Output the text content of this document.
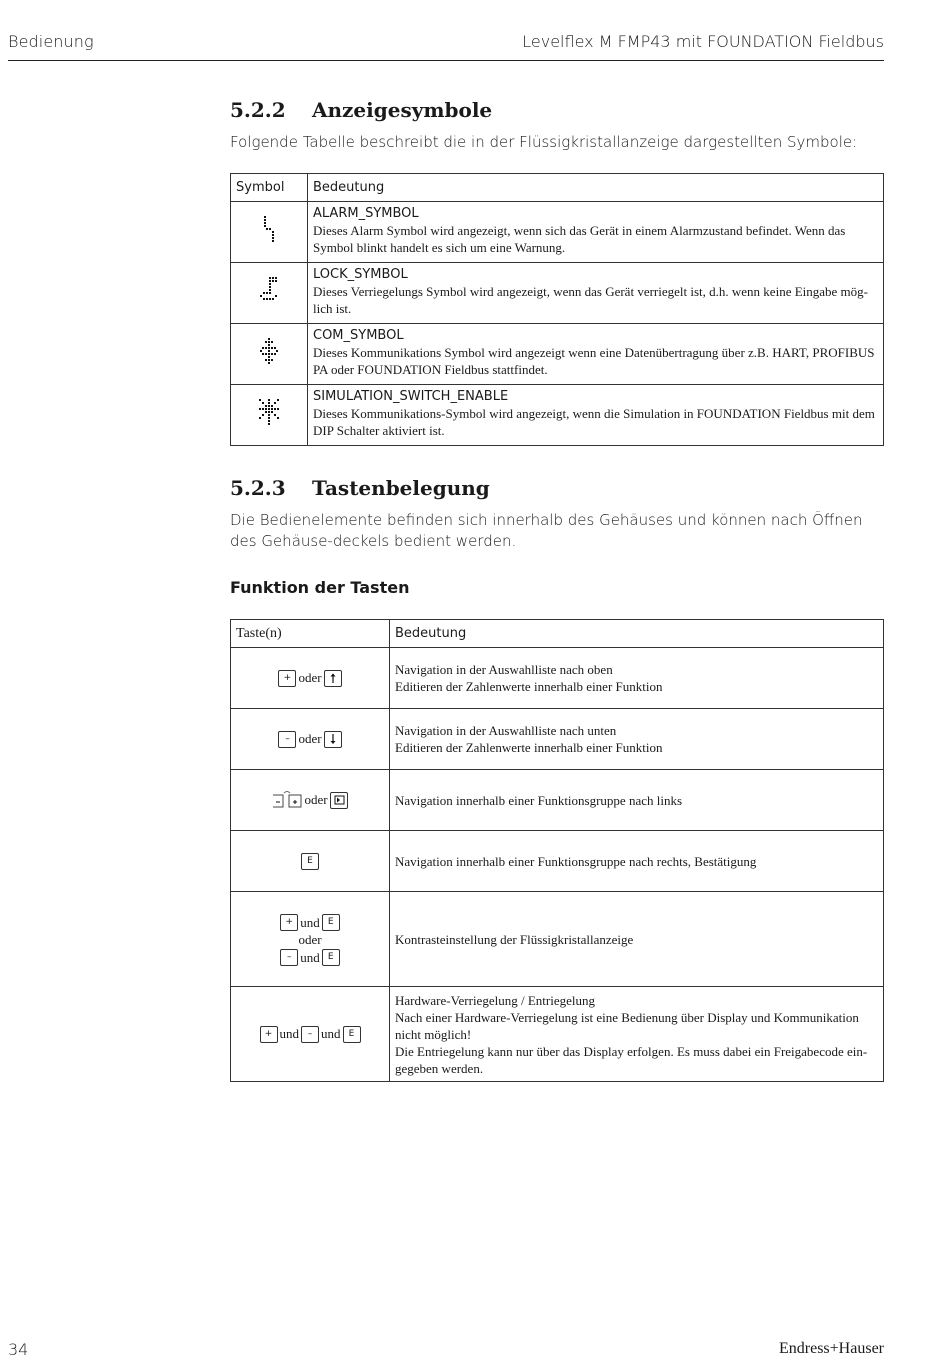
Bedienung	Levelflex M FMP43 mit FOUNDATION Fieldbus
5.2.2 Anzeigesymbole

Folgende Tabelle beschreibt die in der Flüssigkristallanzeige dargestellten Symbole:

Symbol	Bedeutung

ALARM_SYMBOL
Dieses Alarm Symbol wird angezeigt, wenn sich das Gerät in einem Alarmzustand befindet. Wenn das Symbol blinkt handelt es sich um eine Warnung.

LOCK_SYMBOL
Dieses Verriegelungs Symbol wird angezeigt, wenn das Gerät verriegelt ist, d.h. wenn keine Eingabe mög-lich ist.

COM_SYMBOL
Dieses Kommunikations Symbol wird angezeigt wenn eine Datenübertragung über z.B. HART, PROFIBUS PA oder FOUNDATION Fieldbus stattfindet.

SIMULATION_SWITCH_ENABLE
Dieses Kommunikations-Symbol wird angezeigt, wenn die Simulation in FOUNDATION Fieldbus mit dem DIP Schalter aktiviert ist.
5.2.3 Tastenbelegung

Die Bedienelemente befinden sich innerhalb des Gehäuses und können nach Öffnen des Gehäuse-deckels bedient werden.

Funktion der Tasten
Taste(n)	Bedeutung
+ oder	Navigation in der Auswahlliste nach oben
Editieren der Zahlenwerte innerhalb einer Funktion

– oder	Navigation in der Auswahlliste nach unten
Editieren der Zahlenwerte innerhalb einer Funktion

oder	Navigation innerhalb einer Funktionsgruppe nach links

E	Navigation innerhalb einer Funktionsgruppe nach rechts, Bestätigung

+ und E
oder
– und E	Kontrasteinstellung der Flüssigkristallanzeige

+ und – und E	Hardware-Verriegelung / Entriegelung
Nach einer Hardware-Verriegelung ist eine Bedienung über Display und Kommunikation nicht möglich!
Die Entriegelung kann nur über das Display erfolgen. Es muss dabei ein Freigabecode ein-gegeben werden.
34	Endress+Hauser
